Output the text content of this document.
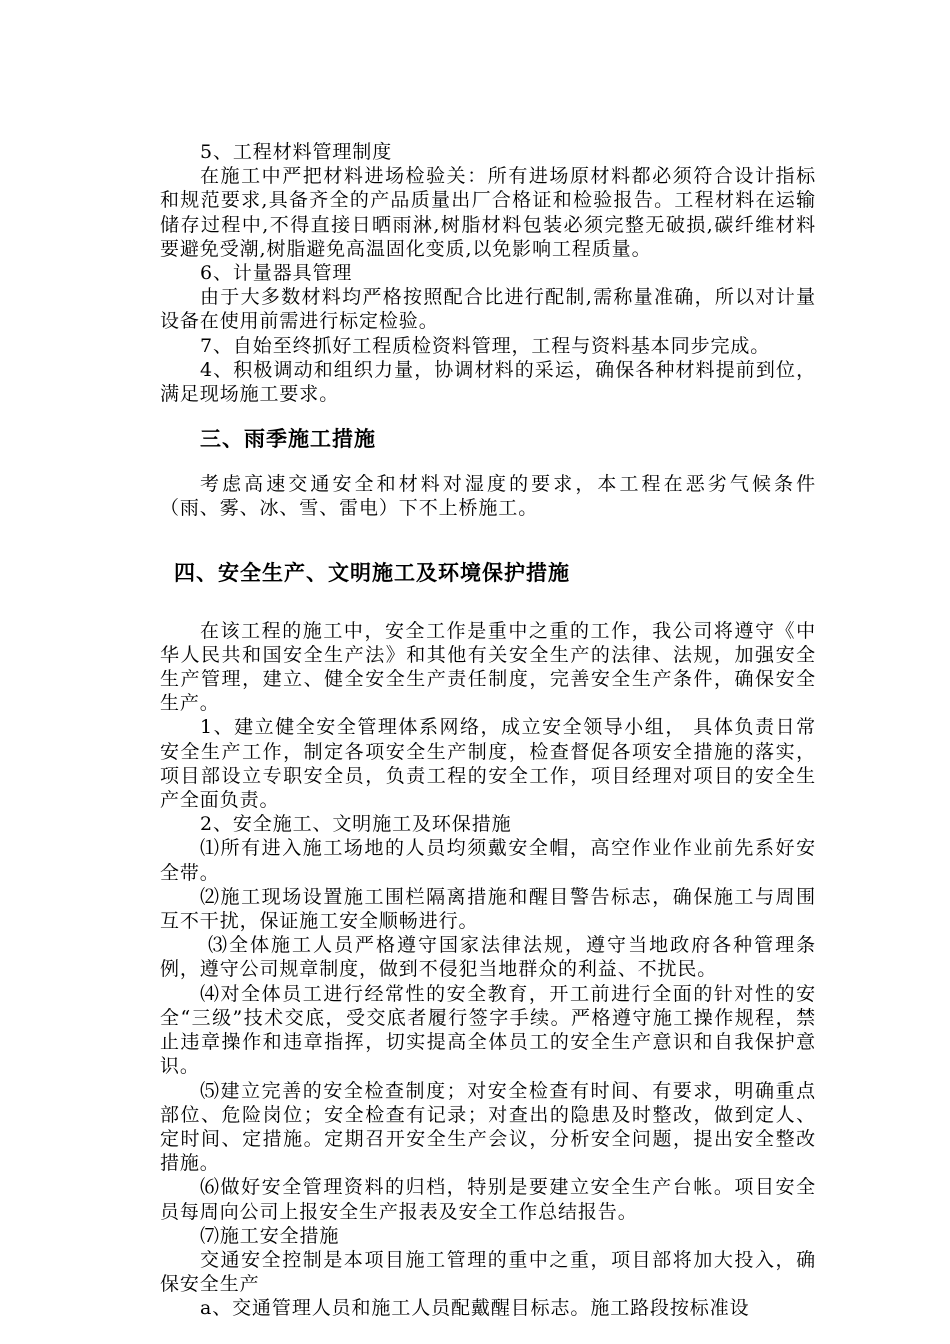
5、工程材料管理制度

在施工中严把材料进场检验关：所有进场原材料都必须符合设计指标和规范要求,具备齐全的产品质量出厂合格证和检验报告。工程材料在运输储存过程中,不得直接日晒雨淋,树脂材料包装必须完整无破损,碳纤维材料要避免受潮,树脂避免高温固化变质,以免影响工程质量。

6、计量器具管理

由于大多数材料均严格按照配合比进行配制,需称量准确，所以对计量设备在使用前需进行标定检验。

7、自始至终抓好工程质检资料管理，工程与资料基本同步完成。

4、积极调动和组织力量，协调材料的采运，确保各种材料提前到位，满足现场施工要求。

三、雨季施工措施

考虑高速交通安全和材料对湿度的要求，本工程在恶劣气候条件（雨、雾、冰、雪、雷电）下不上桥施工。

四、安全生产、文明施工及环境保护措施

在该工程的施工中，安全工作是重中之重的工作，我公司将遵守《中华人民共和国安全生产法》和其他有关安全生产的法律、法规，加强安全生产管理，建立、健全安全生产责任制度，完善安全生产条件，确保安全生产。

1、建立健全安全管理体系网络，成立安全领导小组， 具体负责日常安全生产工作，制定各项安全生产制度，检查督促各项安全措施的落实，项目部设立专职安全员，负责工程的安全工作，项目经理对项目的安全生产全面负责。

2、安全施工、文明施工及环保措施

⑴所有进入施工场地的人员均须戴安全帽，高空作业作业前先系好安全带。

⑵施工现场设置施工围栏隔离措施和醒目警告标志，确保施工与周围互不干扰，保证施工安全顺畅进行。

⑶全体施工人员严格遵守国家法律法规，遵守当地政府各种管理条例，遵守公司规章制度，做到不侵犯当地群众的利益、不扰民。

⑷对全体员工进行经常性的安全教育，开工前进行全面的针对性的安全“三级”技术交底，受交底者履行签字手续。严格遵守施工操作规程，禁止违章操作和违章指挥，切实提高全体员工的安全生产意识和自我保护意识。

⑸建立完善的安全检查制度；对安全检查有时间、有要求，明确重点部位、危险岗位；安全检查有记录；对查出的隐患及时整改，做到定人、定时间、定措施。定期召开安全生产会议，分析安全问题，提出安全整改措施。

⑹做好安全管理资料的归档，特别是要建立安全生产台帐。项目安全员每周向公司上报安全生产报表及安全工作总结报告。

⑺施工安全措施

交通安全控制是本项目施工管理的重中之重，项目部将加大投入，确保安全生产

a、交通管理人员和施工人员配戴醒目标志。施工路段按标准设
